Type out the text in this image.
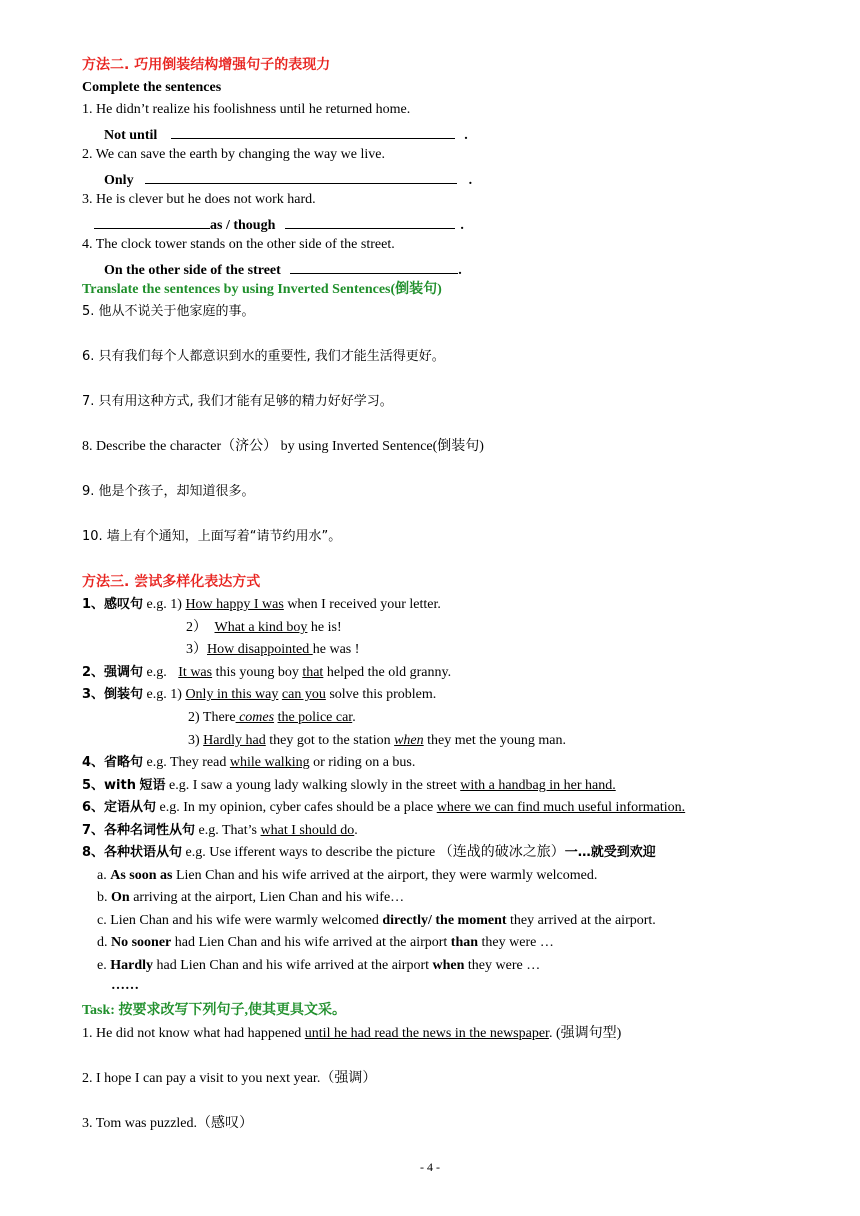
方法二. 巧用倒装结构增强句子的表现力
Complete the sentences
1. He didn’t realize his foolishness until he returned home.
Not until	.
2. We can save the earth by changing the way we live.
Only	.
3. He is clever but he does not work hard.
as / though	.
4. The clock tower stands on the other side of the street.
On the other side of the street	.
Translate the sentences by using Inverted Sentences(倒装句)
5. 他从不说关于他家庭的事。
6. 只有我们每个人都意识到水的重要性, 我们才能生活得更好。
7. 只有用这种方式, 我们才能有足够的精力好好学习。
8. Describe the character（济公） by using Inverted Sentence(倒装句)
9. 他是个孩子，却知道很多。
10. 墙上有个通知，上面写着“请节约用水”。
方法三. 尝试多样化表达方式
1、感叹句 e.g. 1) How happy I was when I received your letter.
2） What a kind boy he is!
3）How disappointed he was !
2、强调句 e.g. It was this young boy that helped the old granny.
3、倒装句 e.g. 1) Only in this way can you solve this problem.
2) There comes the police car.
3) Hardly had they got to the station when they met the young man.
4、省略句 e.g. They read while walking or riding on a bus.
5、with 短语 e.g. I saw a young lady walking slowly in the street with a handbag in her hand.
6、定语从句 e.g. In my opinion, cyber cafes should be a place where we can find much useful information.
7、各种名词性从句 e.g. That’s what I should do.
8、各种状语从句 e.g. Use ifferent ways to describe the picture （连战的破冰之旅）一…就受到欢迎
a. As soon as Lien Chan and his wife arrived at the airport, they were warmly welcomed.
b. On arriving at the airport, Lien Chan and his wife…
c. Lien Chan and his wife were warmly welcomed directly/ the moment they arrived at the airport.
d. No sooner had Lien Chan and his wife arrived at the airport than they were …
e. Hardly had Lien Chan and his wife arrived at the airport when they were …
……
Task: 按要求改写下列句子,使其更具文采。
1. He did not know what had happened until he had read the news in the newspaper. (强调句型)
2. I hope I can pay a visit to you next year.（强调）
3. Tom was puzzled.（感叹）
- 4 -
